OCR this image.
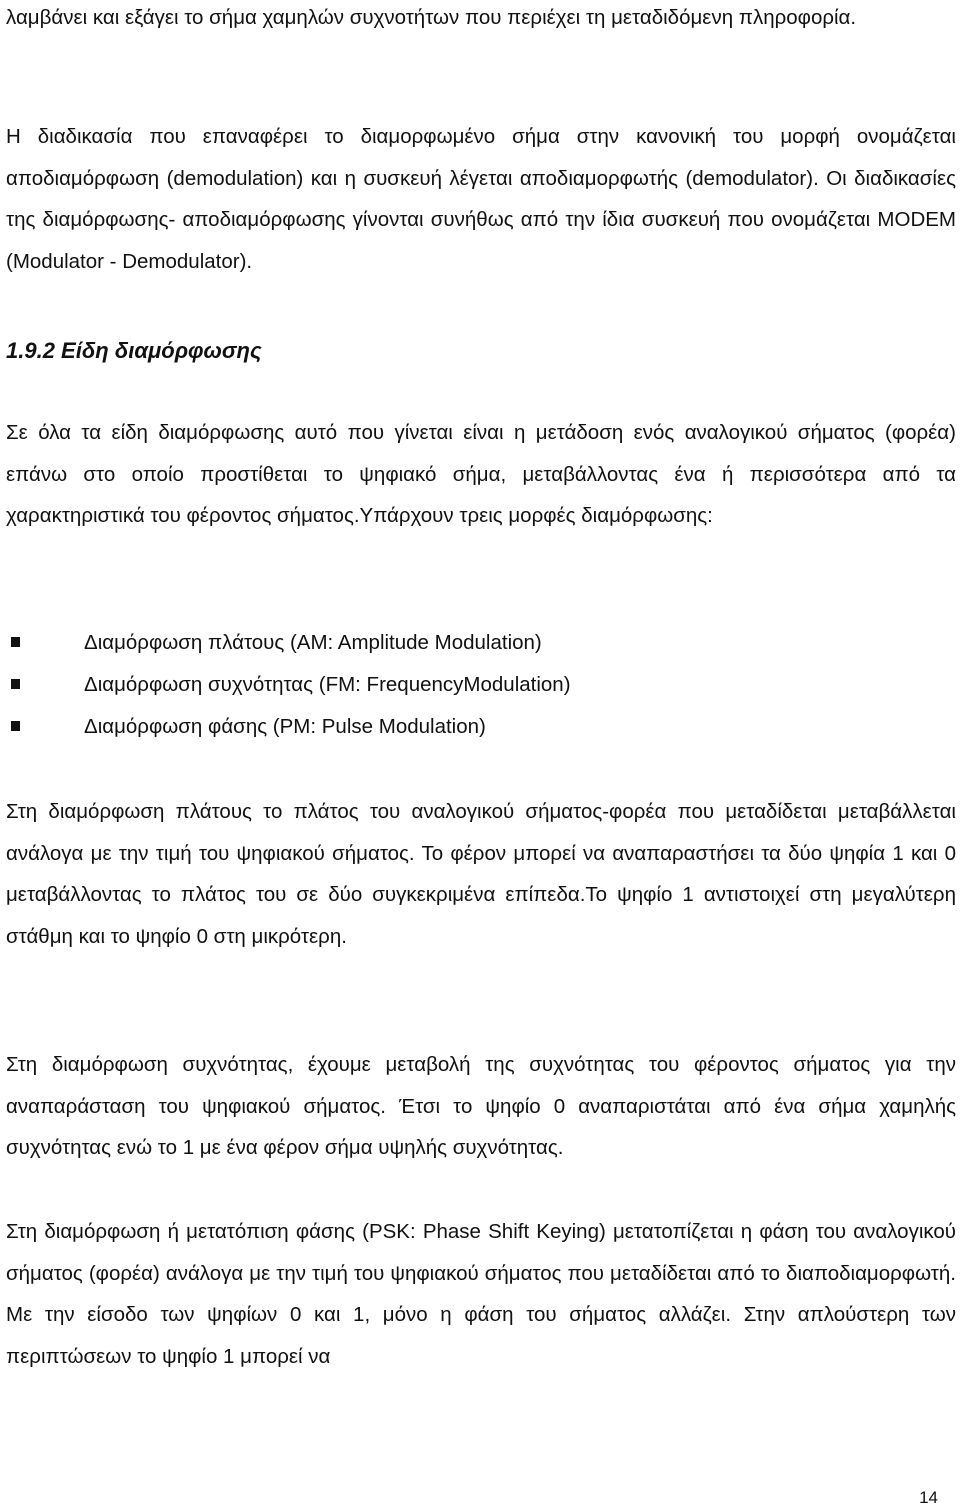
λαμβάνει και εξάγει το σήμα χαμηλών συχνοτήτων που περιέχει τη μεταδιδόμενη πληροφορία.

Η διαδικασία που επαναφέρει το διαμορφωμένο σήμα στην κανονική του μορφή ονομάζεται αποδιαμόρφωση (demodulation) και η συσκευή λέγεται αποδιαμορφωτής (demodulator). Οι διαδικασίες της διαμόρφωσης- αποδιαμόρφωσης γίνονται συνήθως από την ίδια συσκευή που ονομάζεται MODEM (Modulator - Demodulator).

1.9.2 Είδη διαμόρφωσης

Σε όλα τα είδη διαμόρφωσης αυτό που γίνεται είναι η μετάδοση ενός αναλογικού σήματος (φορέα) επάνω στο οποίο προστίθεται το ψηφιακό σήμα, μεταβάλλοντας ένα ή περισσότερα από τα χαρακτηριστικά του φέροντος σήματος.Υπάρχουν τρεις μορφές διαμόρφωσης:

Διαμόρφωση πλάτους (AM: Amplitude Modulation)
Διαμόρφωση συχνότητας (FM: FrequencyModulation)
Διαμόρφωση φάσης (PM: Pulse Modulation)

Στη διαμόρφωση πλάτους το πλάτος του αναλογικού σήματος-φορέα που μεταδίδεται μεταβάλλεται ανάλογα με την τιμή του ψηφιακού σήματος. Το φέρον μπορεί να αναπαραστήσει τα δύο ψηφία 1 και 0 μεταβάλλοντας το πλάτος του σε δύο συγκεκριμένα επίπεδα.Το ψηφίο 1 αντιστοιχεί στη μεγαλύτερη στάθμη και το ψηφίο 0 στη μικρότερη.

Στη διαμόρφωση συχνότητας, έχουμε μεταβολή της συχνότητας του φέροντος σήματος για την αναπαράσταση του ψηφιακού σήματος. Έτσι το ψηφίο 0 αναπαριστάται από ένα σήμα χαμηλής συχνότητας ενώ το 1 με ένα φέρον σήμα υψηλής συχνότητας.

Στη διαμόρφωση ή μετατόπιση φάσης (PSK: Phase Shift Keying) μετατοπίζεται η φάση του αναλογικού σήματος (φορέα) ανάλογα με την τιμή του ψηφιακού σήματος που μεταδίδεται από το διαποδιαμορφωτή. Με την είσοδο των ψηφίων 0 και 1, μόνο η φάση του σήματος αλλάζει. Στην απλούστερη των περιπτώσεων το ψηφίο 1 μπορεί να

14
